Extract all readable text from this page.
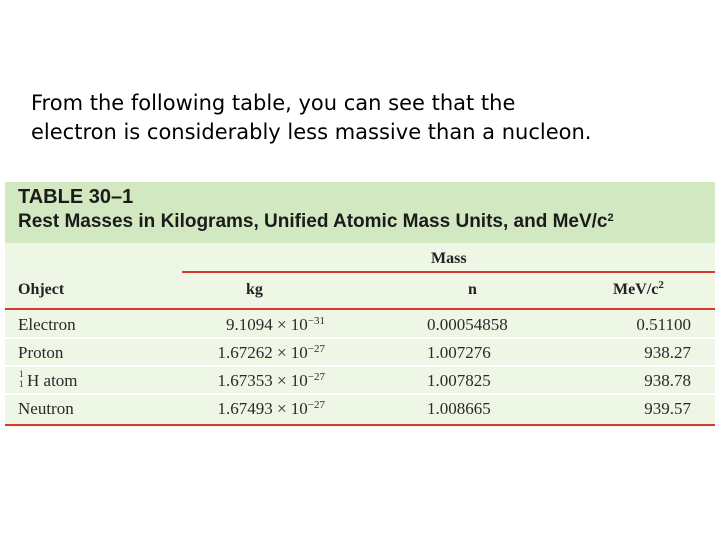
From the following table, you can see that the
electron is considerably less massive than a nucleon.

TABLE 30–1
Rest Masses in Kilograms, Unified Atomic Mass Units, and MeV/$c^2$
Mass
Ohject	kg	n	MeV/$c^2$
Electron	$9.1094 \times 10^{-31}$	0.00054858	0.51100
Proton	$1.67262 \times 10^{-27}$	1.007276	938.27
1
1 H atom	$1.67353 \times 10^{-27}$	1.007825	938.78
Neutron	$1.67493 \times 10^{-27}$	1.008665	939.57
